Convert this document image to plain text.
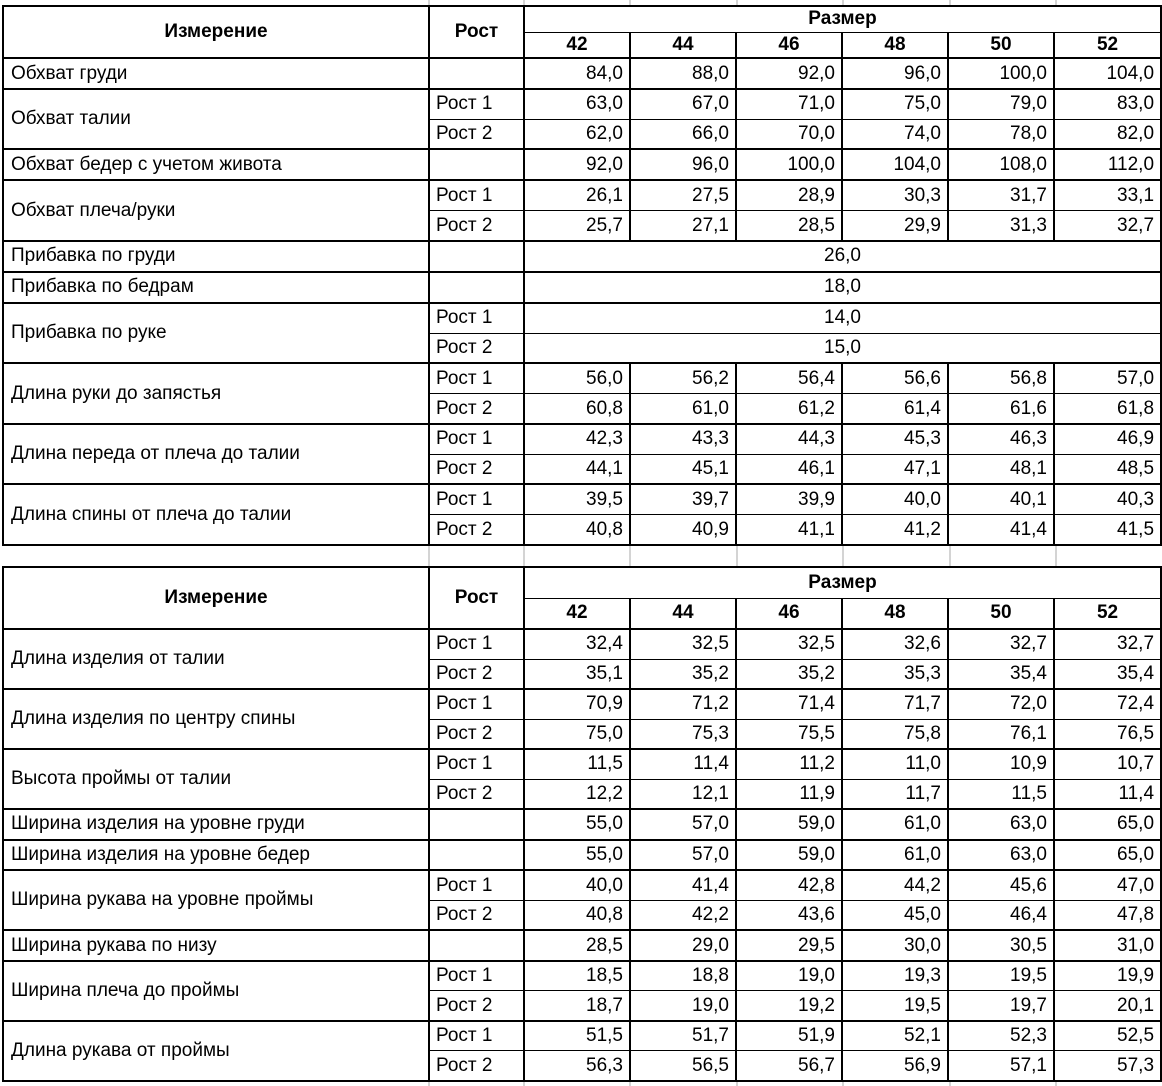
Измерение	Рост	Размер					
		42	44	46	48	50	52
Обхват груди		84,0	88,0	92,0	96,0	100,0	104,0
Обхват талии	Рост 1	63,0	67,0	71,0	75,0	79,0	83,0
	Рост 2	62,0	66,0	70,0	74,0	78,0	82,0
Обхват бедер с учетом живота		92,0	96,0	100,0	104,0	108,0	112,0
Обхват плеча/руки	Рост 1	26,1	27,5	28,9	30,3	31,7	33,1
	Рост 2	25,7	27,1	28,5	29,9	31,3	32,7
Прибавка по груди		26,0					
Прибавка по бедрам		18,0					
Прибавка по руке	Рост 1	14,0					
	Рост 2	15,0					
Длина руки до запястья	Рост 1	56,0	56,2	56,4	56,6	56,8	57,0
	Рост 2	60,8	61,0	61,2	61,4	61,6	61,8
Длина переда от плеча до талии	Рост 1	42,3	43,3	44,3	45,3	46,3	46,9
	Рост 2	44,1	45,1	46,1	47,1	48,1	48,5
Длина спины от плеча до талии	Рост 1	39,5	39,7	39,9	40,0	40,1	40,3
	Рост 2	40,8	40,9	41,1	41,2	41,4	41,5
Измерение	Рост	Размер					
		42	44	46	48	50	52
Длина изделия от талии	Рост 1	32,4	32,5	32,5	32,6	32,7	32,7
	Рост 2	35,1	35,2	35,2	35,3	35,4	35,4
Длина изделия по центру спины	Рост 1	70,9	71,2	71,4	71,7	72,0	72,4
	Рост 2	75,0	75,3	75,5	75,8	76,1	76,5
Высота проймы от талии	Рост 1	11,5	11,4	11,2	11,0	10,9	10,7
	Рост 2	12,2	12,1	11,9	11,7	11,5	11,4
Ширина изделия на уровне груди		55,0	57,0	59,0	61,0	63,0	65,0
Ширина изделия на уровне бедер		55,0	57,0	59,0	61,0	63,0	65,0
Ширина рукава на уровне проймы	Рост 1	40,0	41,4	42,8	44,2	45,6	47,0
	Рост 2	40,8	42,2	43,6	45,0	46,4	47,8
Ширина рукава по низу		28,5	29,0	29,5	30,0	30,5	31,0
Ширина плеча до проймы	Рост 1	18,5	18,8	19,0	19,3	19,5	19,9
	Рост 2	18,7	19,0	19,2	19,5	19,7	20,1
Длина рукава от проймы	Рост 1	51,5	51,7	51,9	52,1	52,3	52,5
	Рост 2	56,3	56,5	56,7	56,9	57,1	57,3
